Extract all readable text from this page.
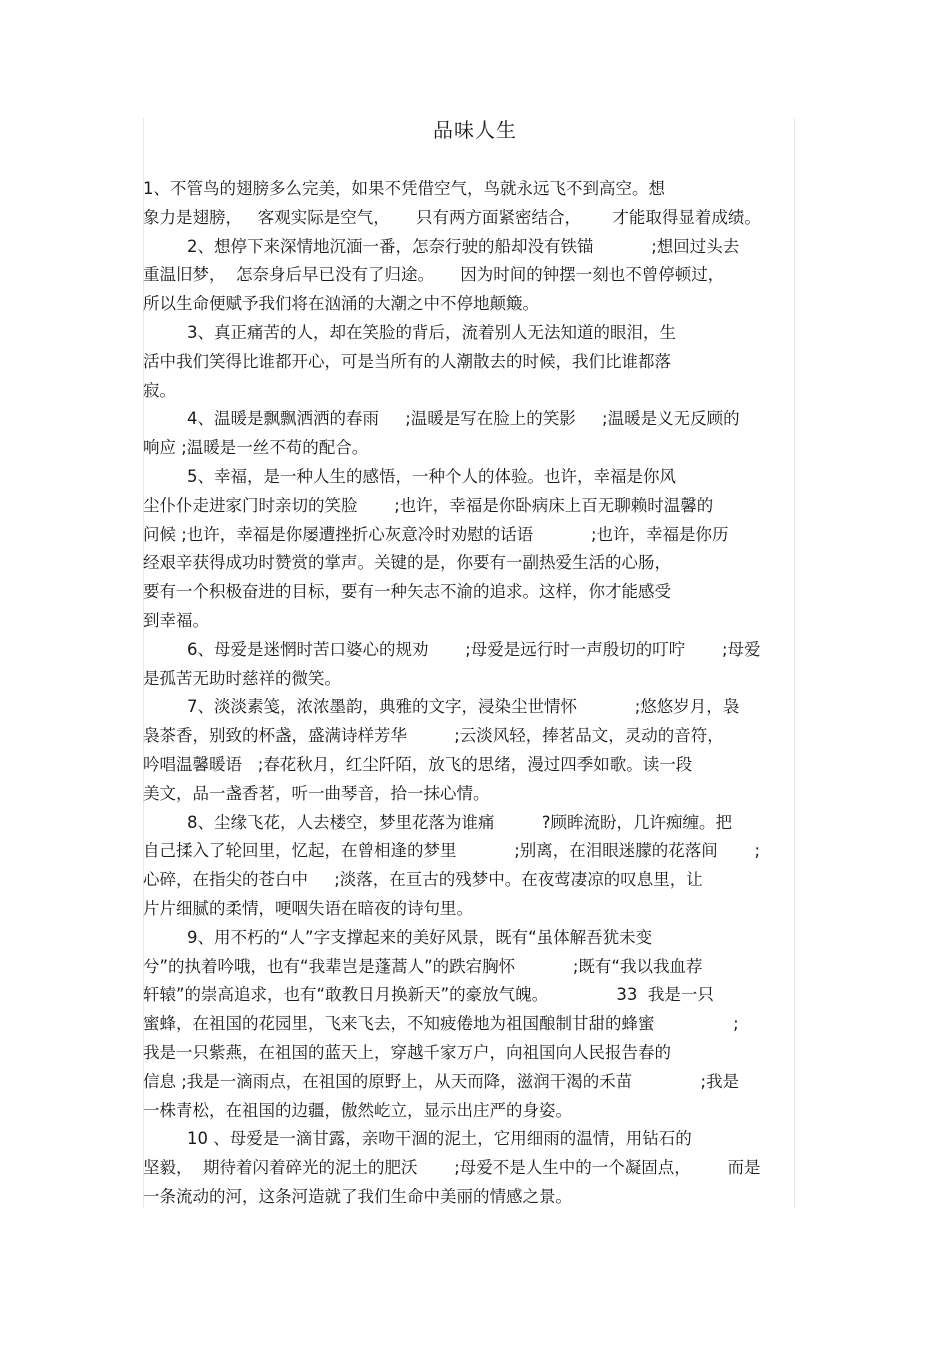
品味人生
1、不管鸟的翅膀多么完美，如果不凭借空气，鸟就永远飞不到高空。想
象力是翅膀，   客观实际是空气，     只有两方面紧密结合，      才能取得显着成绩。
2、想停下来深情地沉湎一番，怎奈行驶的船却没有铁锚           ;想回过头去
重温旧梦，  怎奈身后早已没有了归途。     因为时间的钟摆一刻也不曾停顿过，
所以生命便赋予我们将在汹涌的大潮之中不停地颠簸。
3、真正痛苦的人，却在笑脸的背后，流着别人无法知道的眼泪，生
活中我们笑得比谁都开心，可是当所有的人潮散去的时候，我们比谁都落
寂。
4、温暖是飘飘洒洒的春雨     ;温暖是写在脸上的笑影     ;温暖是义无反顾的
响应 ;温暖是一丝不苟的配合。
5、幸福，是一种人生的感悟，一种个人的体验。也许，幸福是你风
尘仆仆走进家门时亲切的笑脸       ;也许，幸福是你卧病床上百无聊赖时温馨的
问候 ;也许，幸福是你屡遭挫折心灰意冷时劝慰的话语           ;也许，幸福是你历
经艰辛获得成功时赞赏的掌声。关键的是，你要有一副热爱生活的心肠，
要有一个积极奋进的目标，要有一种矢志不渝的追求。这样，你才能感受
到幸福。
6、母爱是迷惘时苦口婆心的规劝       ;母爱是远行时一声殷切的叮咛       ;母爱
是孤苦无助时慈祥的微笑。
7、淡淡素笺，浓浓墨韵，典雅的文字，浸染尘世情怀           ;悠悠岁月，袅
袅茶香，别致的杯盏，盛满诗样芳华         ;云淡风轻，捧茗品文，灵动的音符，
吟唱温馨暖语   ;春花秋月，红尘阡陌，放飞的思绪，漫过四季如歌。读一段
美文，品一盏香茗，听一曲琴音，拾一抹心情。
8、尘缘飞花，人去楼空，梦里花落为谁痛         ?顾眸流盼，几许痴缠。把
自己揉入了轮回里，忆起，在曾相逢的梦里           ;别离，在泪眼迷朦的花落间       ;
心碎，在指尖的苍白中     ;淡落，在亘古的残梦中。在夜莺凄凉的叹息里，让
片片细腻的柔情，哽咽失语在暗夜的诗句里。
9、用不朽的“人”字支撑起来的美好风景，既有“虽体解吾犹未变
兮”的执着吟哦，也有“我辈岂是蓬蒿人”的跌宕胸怀           ;既有“我以我血荐
轩辕”的崇高追求，也有“敢教日月换新天”的豪放气魄。             33  我是一只
蜜蜂，在祖国的花园里，飞来飞去，不知疲倦地为祖国酿制甘甜的蜂蜜               ;
我是一只紫燕，在祖国的蓝天上，穿越千家万户，向祖国向人民报告春的
信息 ;我是一滴雨点，在祖国的原野上，从天而降，滋润干渴的禾苗             ;我是
一株青松，在祖国的边疆，傲然屹立，显示出庄严的身姿。
10 、母爱是一滴甘露，亲吻干涸的泥土，它用细雨的温情，用钻石的
坚毅，  期待着闪着碎光的泥土的肥沃       ;母爱不是人生中的一个凝固点，       而是
一条流动的河，这条河造就了我们生命中美丽的情感之景。
